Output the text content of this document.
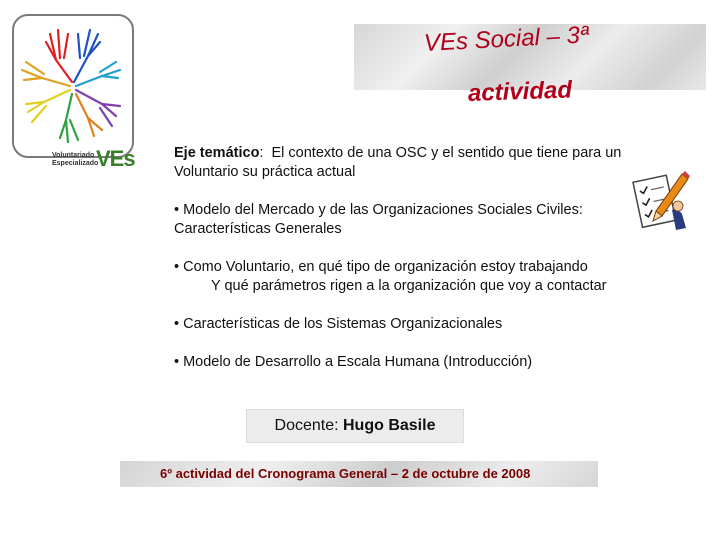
Voluntariado
Especializado
VEs
VEs Social – 3ª
actividad

Eje temático:  El contexto de una OSC y el sentido que tiene para un Voluntario su práctica actual

• Modelo del Mercado y de las Organizaciones Sociales Civiles:
Características Generales

• Como Voluntario, en qué tipo de organización estoy trabajando
Y qué parámetros rigen a la organización que voy a contactar

• Características de los Sistemas Organizacionales

• Modelo de Desarrollo a Escala Humana (Introducción)

Docente: Hugo Basile
6º actividad del Cronograma General – 2 de octubre de 2008
